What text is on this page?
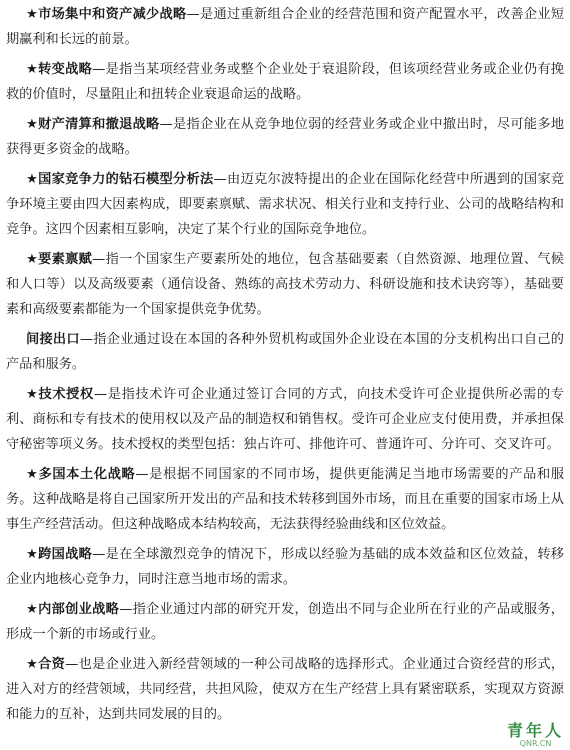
★市场集中和资产减少战略—是通过重新组合企业的经营范围和资产配置水平，改善企业短期赢利和长远的前景。

★转变战略—是指当某项经营业务或整个企业处于衰退阶段，但该项经营业务或企业仍有挽救的价值时，尽量阻止和扭转企业衰退命运的战略。

★财产清算和撤退战略—是指企业在从竞争地位弱的经营业务或企业中撤出时，尽可能多地获得更多资金的战略。

★国家竞争力的钻石模型分析法—由迈克尔波特提出的企业在国际化经营中所遇到的国家竞争环境主要由四大因素构成，即要素禀赋、需求状况、相关行业和支持行业、公司的战略结构和竞争。这四个因素相互影响，决定了某个行业的国际竞争地位。

★要素禀赋—指一个国家生产要素所处的地位，包含基础要素（自然资源、地理位置、气候和人口等）以及高级要素（通信设备、熟练的高技术劳动力、科研设施和技术诀窍等），基础要素和高级要素都能为一个国家提供竞争优势。

间接出口—指企业通过设在本国的各种外贸机构或国外企业设在本国的分支机构出口自己的产品和服务。

★技术授权—是指技术许可企业通过签订合同的方式，向技术受许可企业提供所必需的专利、商标和专有技术的使用权以及产品的制造权和销售权。受许可企业应支付使用费，并承担保守秘密等项义务。技术授权的类型包括：独占许可、排他许可、普通许可、分许可、交叉许可。

★多国本土化战略—是根据不同国家的不同市场，提供更能满足当地市场需要的产品和服务。这种战略是将自己国家所开发出的产品和技术转移到国外市场，而且在重要的国家市场上从事生产经营活动。但这种战略成本结构较高，无法获得经验曲线和区位效益。

★跨国战略—是在全球激烈竞争的情况下，形成以经验为基础的成本效益和区位效益，转移企业内地核心竞争力，同时注意当地市场的需求。

★内部创业战略—指企业通过内部的研究开发，创造出不同与企业所在行业的产品或服务，形成一个新的市场或行业。

★合资—也是企业进入新经营领域的一种公司战略的选择形式。企业通过合资经营的形式，进入对方的经营领域，共同经营，共担风险，使双方在生产经营上具有紧密联系，实现双方资源和能力的互补，达到共同发展的目的。

青年人
QNR.CN
